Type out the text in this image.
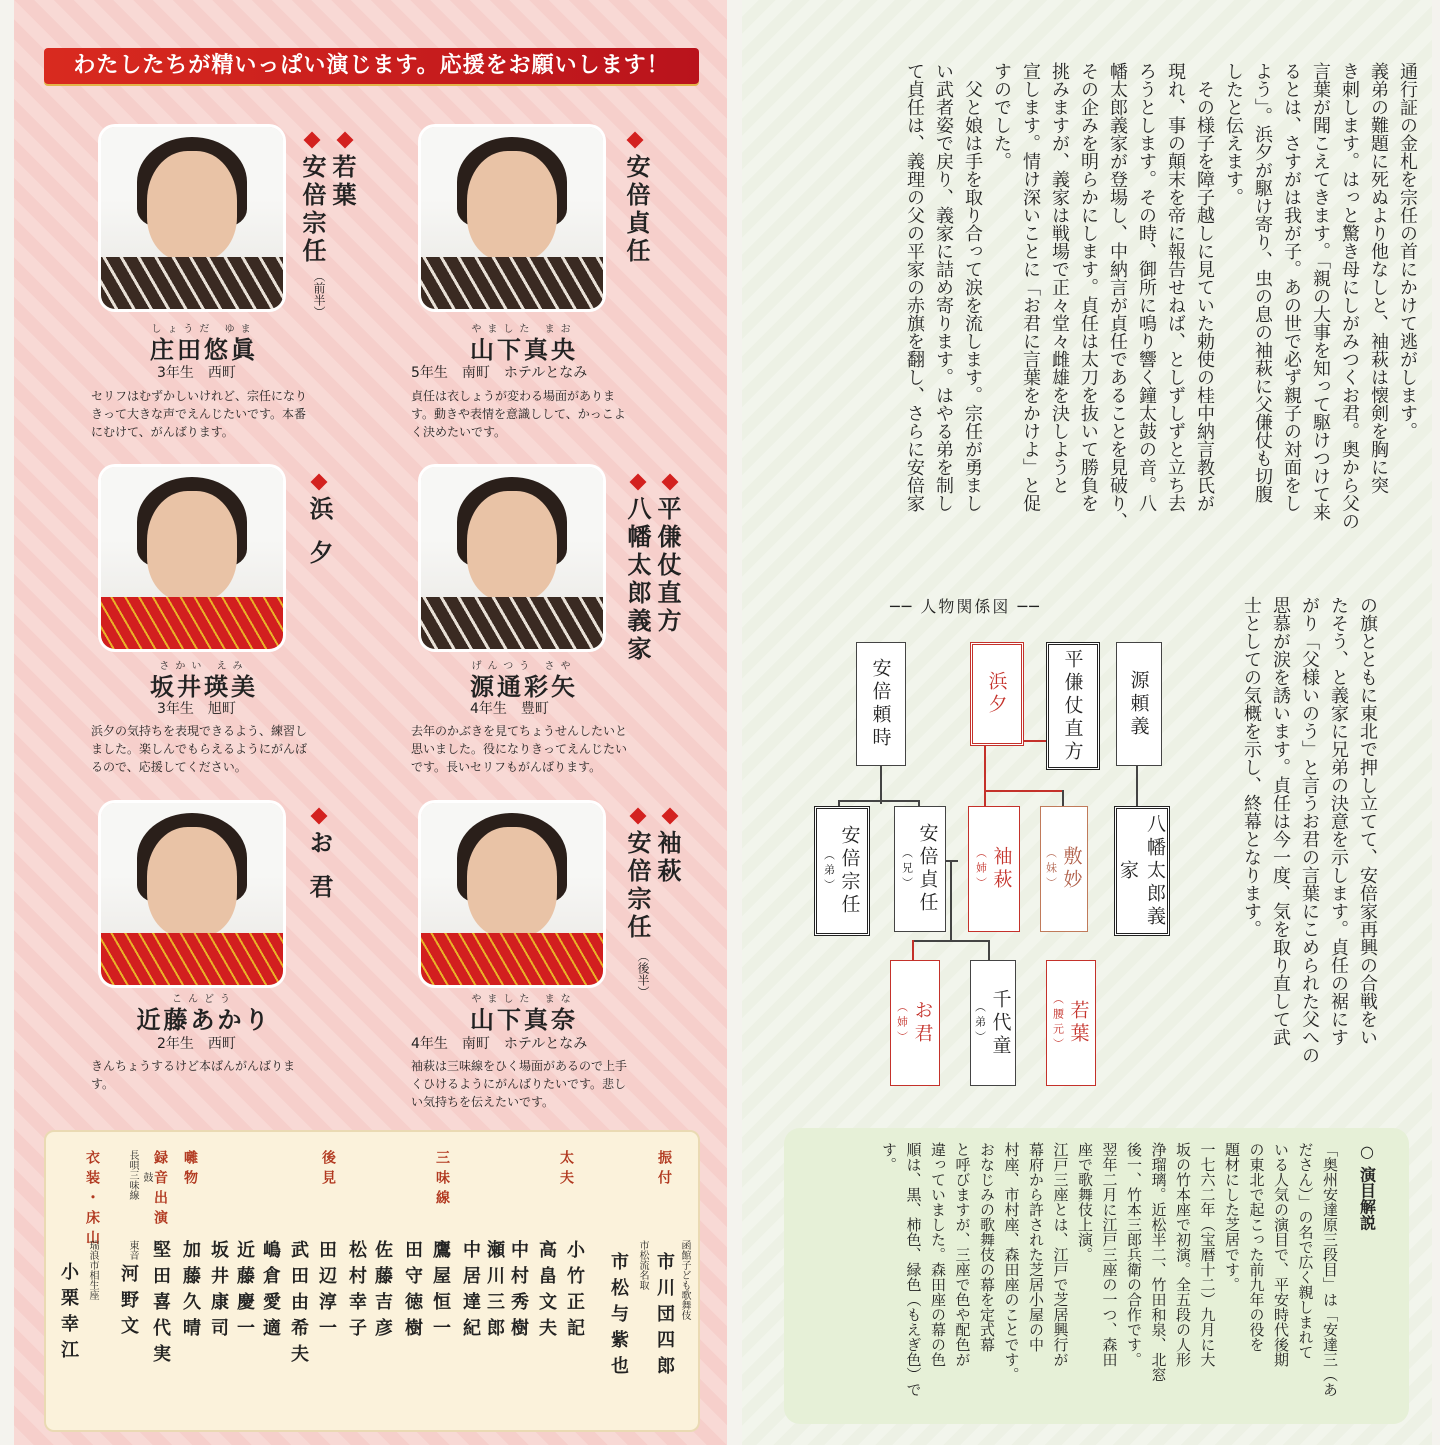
わたしたちが精いっぱい演じます。応援をお願いします！
若葉
安倍宗任
（前半）
しょうだ ゆま
庄田悠眞
3年生　西町
セリフはむずかしいけれど、宗任になりきって大きな声でえんじたいです。本番にむけて、がんばります。
安倍貞任
やました まお
山下真央
5年生　南町　ホテルとなみ
貞任は衣しょうが変わる場面があります。動きや表情を意識しして、かっこよく決めたいです。
浜夕
さかい えみ
坂井瑛美
3年生　旭町
浜夕の気持ちを表現できるよう、練習しました。楽しんでもらえるようにがんばるので、応援してください。
平傔仗直方
八幡太郎義家
げんつう さや
源通彩矢
4年生　豊町
去年のかぶきを見てちょうせんしたいと思いました。役になりきってえんじたいです。長いセリフもがんばります。
お君
こんどう
近藤あかり
2年生　西町
きんちょうするけど本ばんがんばります。
袖萩
安倍宗任
（後半）
やました まな
山下真奈
4年生　南町　ホテルとなみ
袖萩は三味線をひく場面があるので上手くひけるようにがんばりたいです。悲しい気持ちを伝えたいです。
振付
函館子ども歌舞伎
市川団四郎
市松流名取
市松与紫也
太夫
小竹正記
高畠文夫
三味線
中村秀樹
瀬川三郎
中居達紀
鷹屋恒一
田守徳樹
後見
佐藤吉彦
松村幸子
田辺淳一
武田由希夫
囃物
嶋倉愛適
近藤慶一
坂井康司
加藤久晴
録音出演
鼓
長唄三味線
堅田喜代実
東音
河野文
衣装・床山
瑞浪市相生座
小栗幸江
通行証の金札を宗任の首にかけて逃がします。
義弟の難題に死ぬより他なしと、袖萩は懐剣を胸に突
き刺します。はっと驚き母にしがみつくお君。奥から父の
言葉が聞こえてきます。「親の大事を知って駆けつけて来
るとは、さすがは我が子。あの世で必ず親子の対面をし
よう」。浜夕が駆け寄り、虫の息の袖萩に父傔仗も切腹
したと伝えます。
　その様子を障子越しに見ていた勅使の桂中納言教氏が
現れ、事の顛末を帝に報告せねば、としずしずと立ち去
ろうとします。その時、御所に鳴り響く鐘太鼓の音。八
幡太郎義家が登場し、中納言が貞任であることを見破り、
その企みを明らかにします。貞任は太刀を抜いて勝負を
挑みますが、義家は戦場で正々堂々雌雄を決しようと
宣します。情け深いことに「お君に言葉をかけよ」と促
すのでした。
　父と娘は手を取り合って涙を流します。宗任が勇まし
い武者姿で戻り、義家に詰め寄ります。はやる弟を制し
て貞任は、義理の父の平家の赤旗を翻し、さらに安倍家
の旗とともに東北で押し立てて、安倍家再興の合戦をい
たそう、と義家に兄弟の決意を示します。貞任の裾にす
がり「父様いのう」と言うお君の言葉にこめられた父への
思慕が涙を誘います。貞任は今一度、気を取り直して武
士としての気概を示し、終幕となります。
── 人物関係図 ──
安倍頼時	浜夕	平傔仗直方	源頼義
安倍宗任
（弟）	安倍貞任
（兄）	袖萩
（姉）	敷妙
（妹）	八幡太郎義家
お君
（姉）	千代童
（弟）	若葉
（腰元）
○ 演目解説
「奥州安達原三段目」は「安達三（あ
ださん）」の名で広く親しまれて
いる人気の演目で、平安時代後期
の東北で起こった前九年の役を
題材にした芝居です。
一七六二年（宝暦十二）九月に大
坂の竹本座で初演。全五段の人形
浄瑠璃。近松半二、竹田和泉、北窓
後一、竹本三郎兵衛の合作です。
翌年二月に江戸三座の一つ、森田
座で歌舞伎上演。
江戸三座とは、江戸で芝居興行が
幕府から許された芝居小屋の中
村座、市村座、森田座のことです。
おなじみの歌舞伎の幕を定式幕
と呼びますが、三座で色や配色が
違っていました。森田座の幕の色
順は、黒、柿色、緑色（もえぎ色）で
す。
